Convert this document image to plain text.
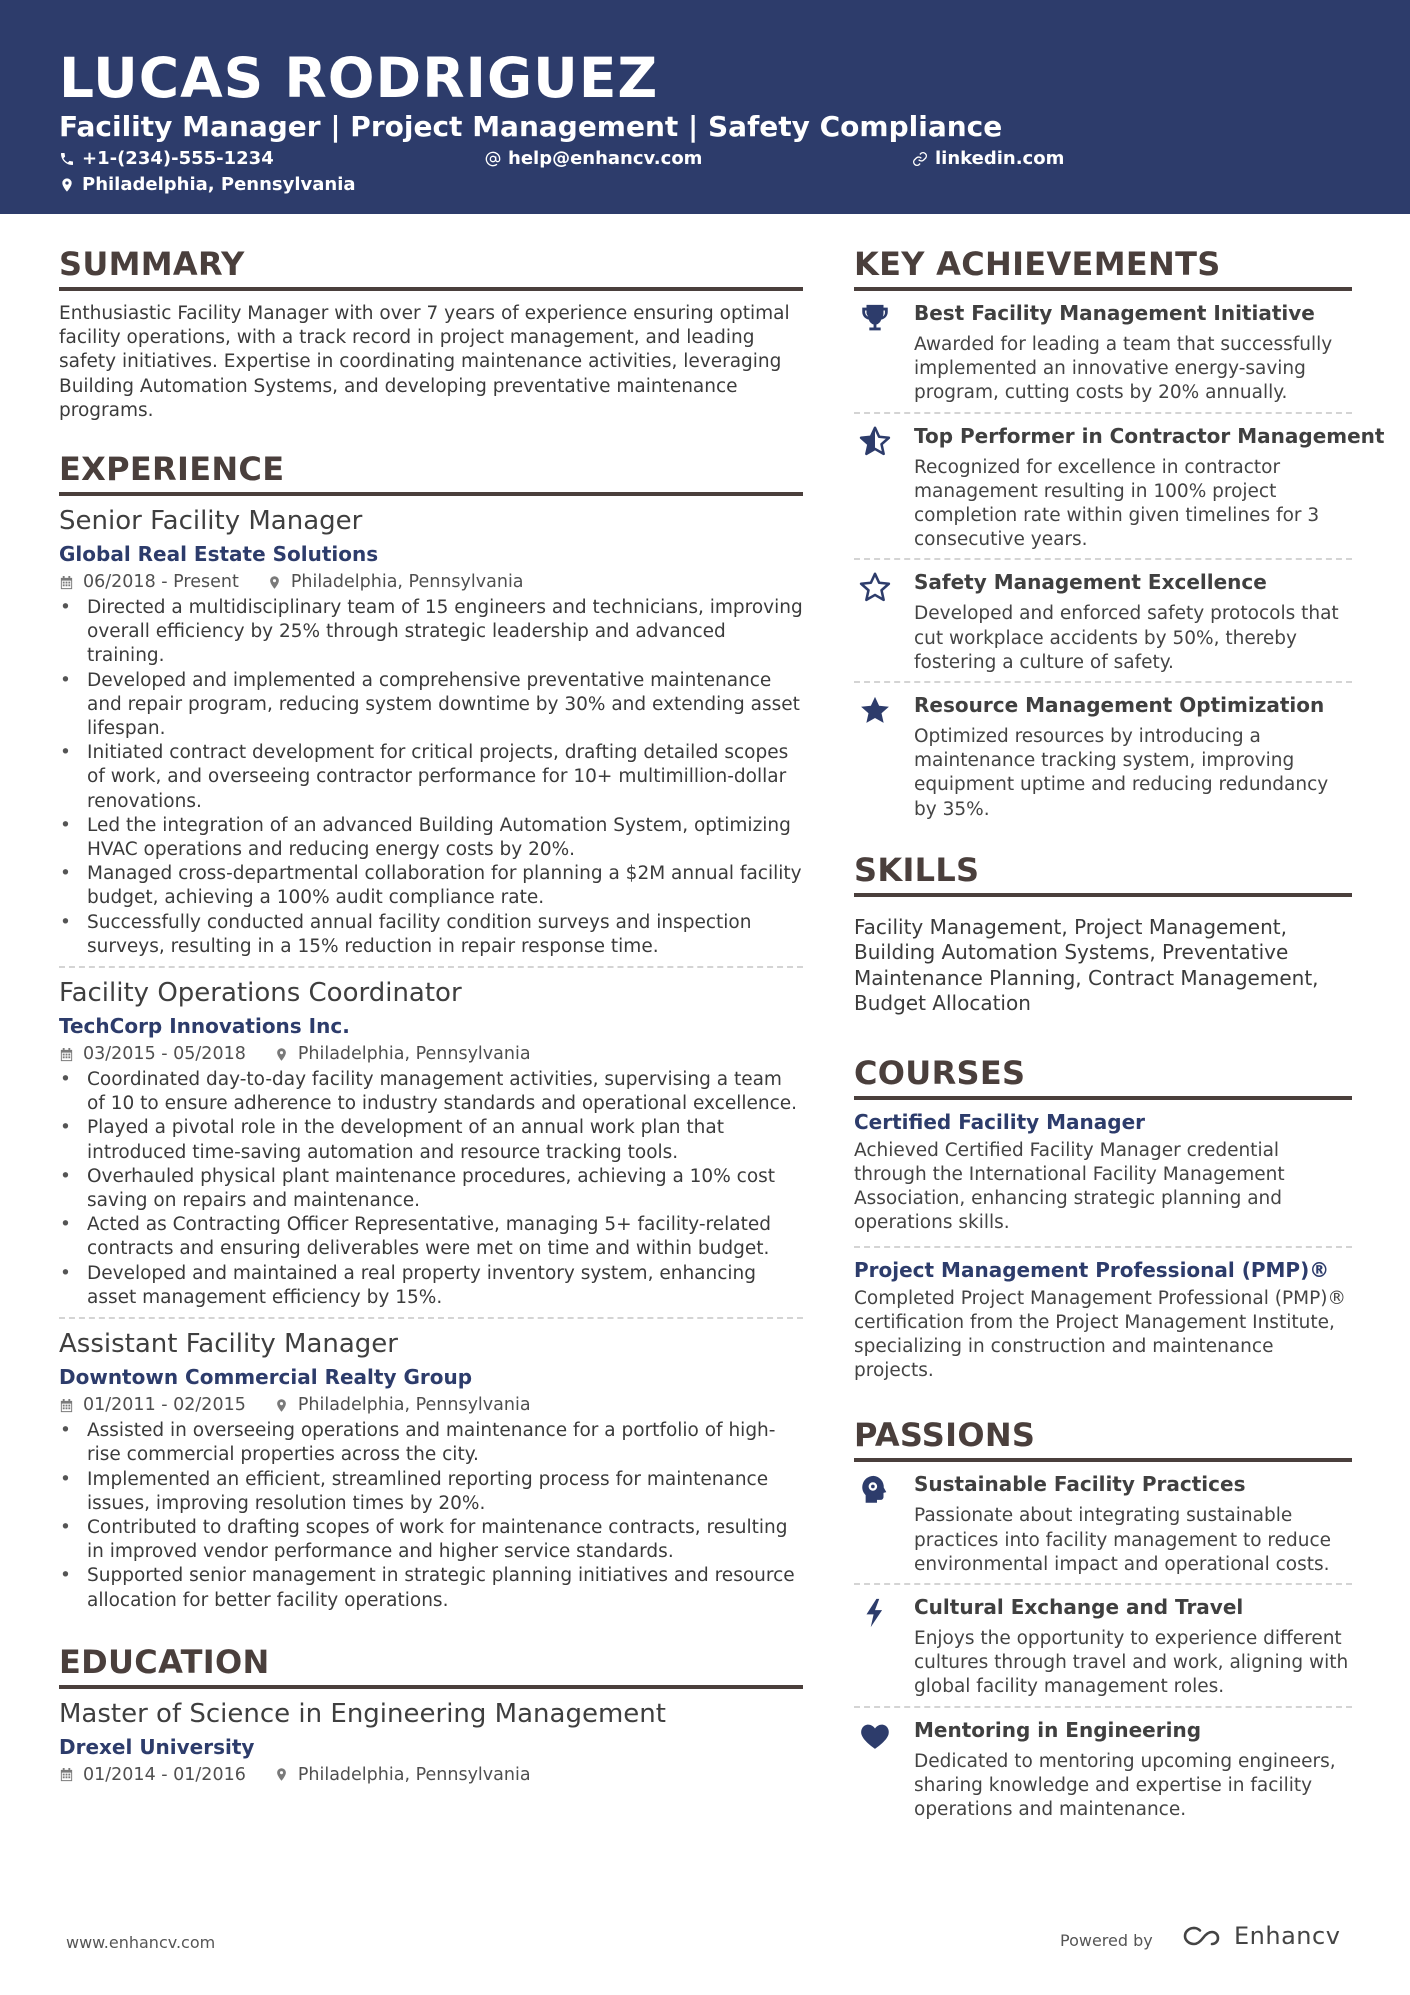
LUCAS RODRIGUEZ
Facility Manager | Project Management | Safety Compliance
+1-(234)-555-1234	help@enhancv.com	linkedin.com
Philadelphia, Pennsylvania
SUMMARY
Enthusiastic Facility Manager with over 7 years of experience ensuring optimal facility operations, with a track record in project management, and leading safety initiatives. Expertise in coordinating maintenance activities, leveraging Building Automation Systems, and developing preventative maintenance programs.
EXPERIENCE
Senior Facility Manager
Global Real Estate Solutions
06/2018 - Present	Philadelphia, Pennsylvania
• Directed a multidisciplinary team of 15 engineers and technicians, improving overall efficiency by 25% through strategic leadership and advanced training.
• Developed and implemented a comprehensive preventative maintenance and repair program, reducing system downtime by 30% and extending asset lifespan.
• Initiated contract development for critical projects, drafting detailed scopes of work, and overseeing contractor performance for 10+ multimillion-dollar renovations.
• Led the integration of an advanced Building Automation System, optimizing HVAC operations and reducing energy costs by 20%.
• Managed cross-departmental collaboration for planning a $2M annual facility budget, achieving a 100% audit compliance rate.
• Successfully conducted annual facility condition surveys and inspection surveys, resulting in a 15% reduction in repair response time.
Facility Operations Coordinator
TechCorp Innovations Inc.
03/2015 - 05/2018	Philadelphia, Pennsylvania
• Coordinated day-to-day facility management activities, supervising a team of 10 to ensure adherence to industry standards and operational excellence.
• Played a pivotal role in the development of an annual work plan that introduced time-saving automation and resource tracking tools.
• Overhauled physical plant maintenance procedures, achieving a 10% cost saving on repairs and maintenance.
• Acted as Contracting Officer Representative, managing 5+ facility-related contracts and ensuring deliverables were met on time and within budget.
• Developed and maintained a real property inventory system, enhancing asset management efficiency by 15%.
Assistant Facility Manager
Downtown Commercial Realty Group
01/2011 - 02/2015	Philadelphia, Pennsylvania
• Assisted in overseeing operations and maintenance for a portfolio of high-rise commercial properties across the city.
• Implemented an efficient, streamlined reporting process for maintenance issues, improving resolution times by 20%.
• Contributed to drafting scopes of work for maintenance contracts, resulting in improved vendor performance and higher service standards.
• Supported senior management in strategic planning initiatives and resource allocation for better facility operations.
EDUCATION
Master of Science in Engineering Management
Drexel University
01/2014 - 01/2016	Philadelphia, Pennsylvania
KEY ACHIEVEMENTS
Best Facility Management Initiative
Awarded for leading a team that successfully implemented an innovative energy-saving program, cutting costs by 20% annually.
Top Performer in Contractor Management
Recognized for excellence in contractor management resulting in 100% project completion rate within given timelines for 3 consecutive years.
Safety Management Excellence
Developed and enforced safety protocols that cut workplace accidents by 50%, thereby fostering a culture of safety.
Resource Management Optimization
Optimized resources by introducing a maintenance tracking system, improving equipment uptime and reducing redundancy by 35%.
SKILLS
Facility Management, Project Management, Building Automation Systems, Preventative Maintenance Planning, Contract Management, Budget Allocation
COURSES
Certified Facility Manager
Achieved Certified Facility Manager credential through the International Facility Management Association, enhancing strategic planning and operations skills.
Project Management Professional (PMP)®
Completed Project Management Professional (PMP)® certification from the Project Management Institute, specializing in construction and maintenance projects.
PASSIONS
Sustainable Facility Practices
Passionate about integrating sustainable practices into facility management to reduce environmental impact and operational costs.
Cultural Exchange and Travel
Enjoys the opportunity to experience different cultures through travel and work, aligning with global facility management roles.
Mentoring in Engineering
Dedicated to mentoring upcoming engineers, sharing knowledge and expertise in facility operations and maintenance.
www.enhancv.com	Powered by	Enhancv
